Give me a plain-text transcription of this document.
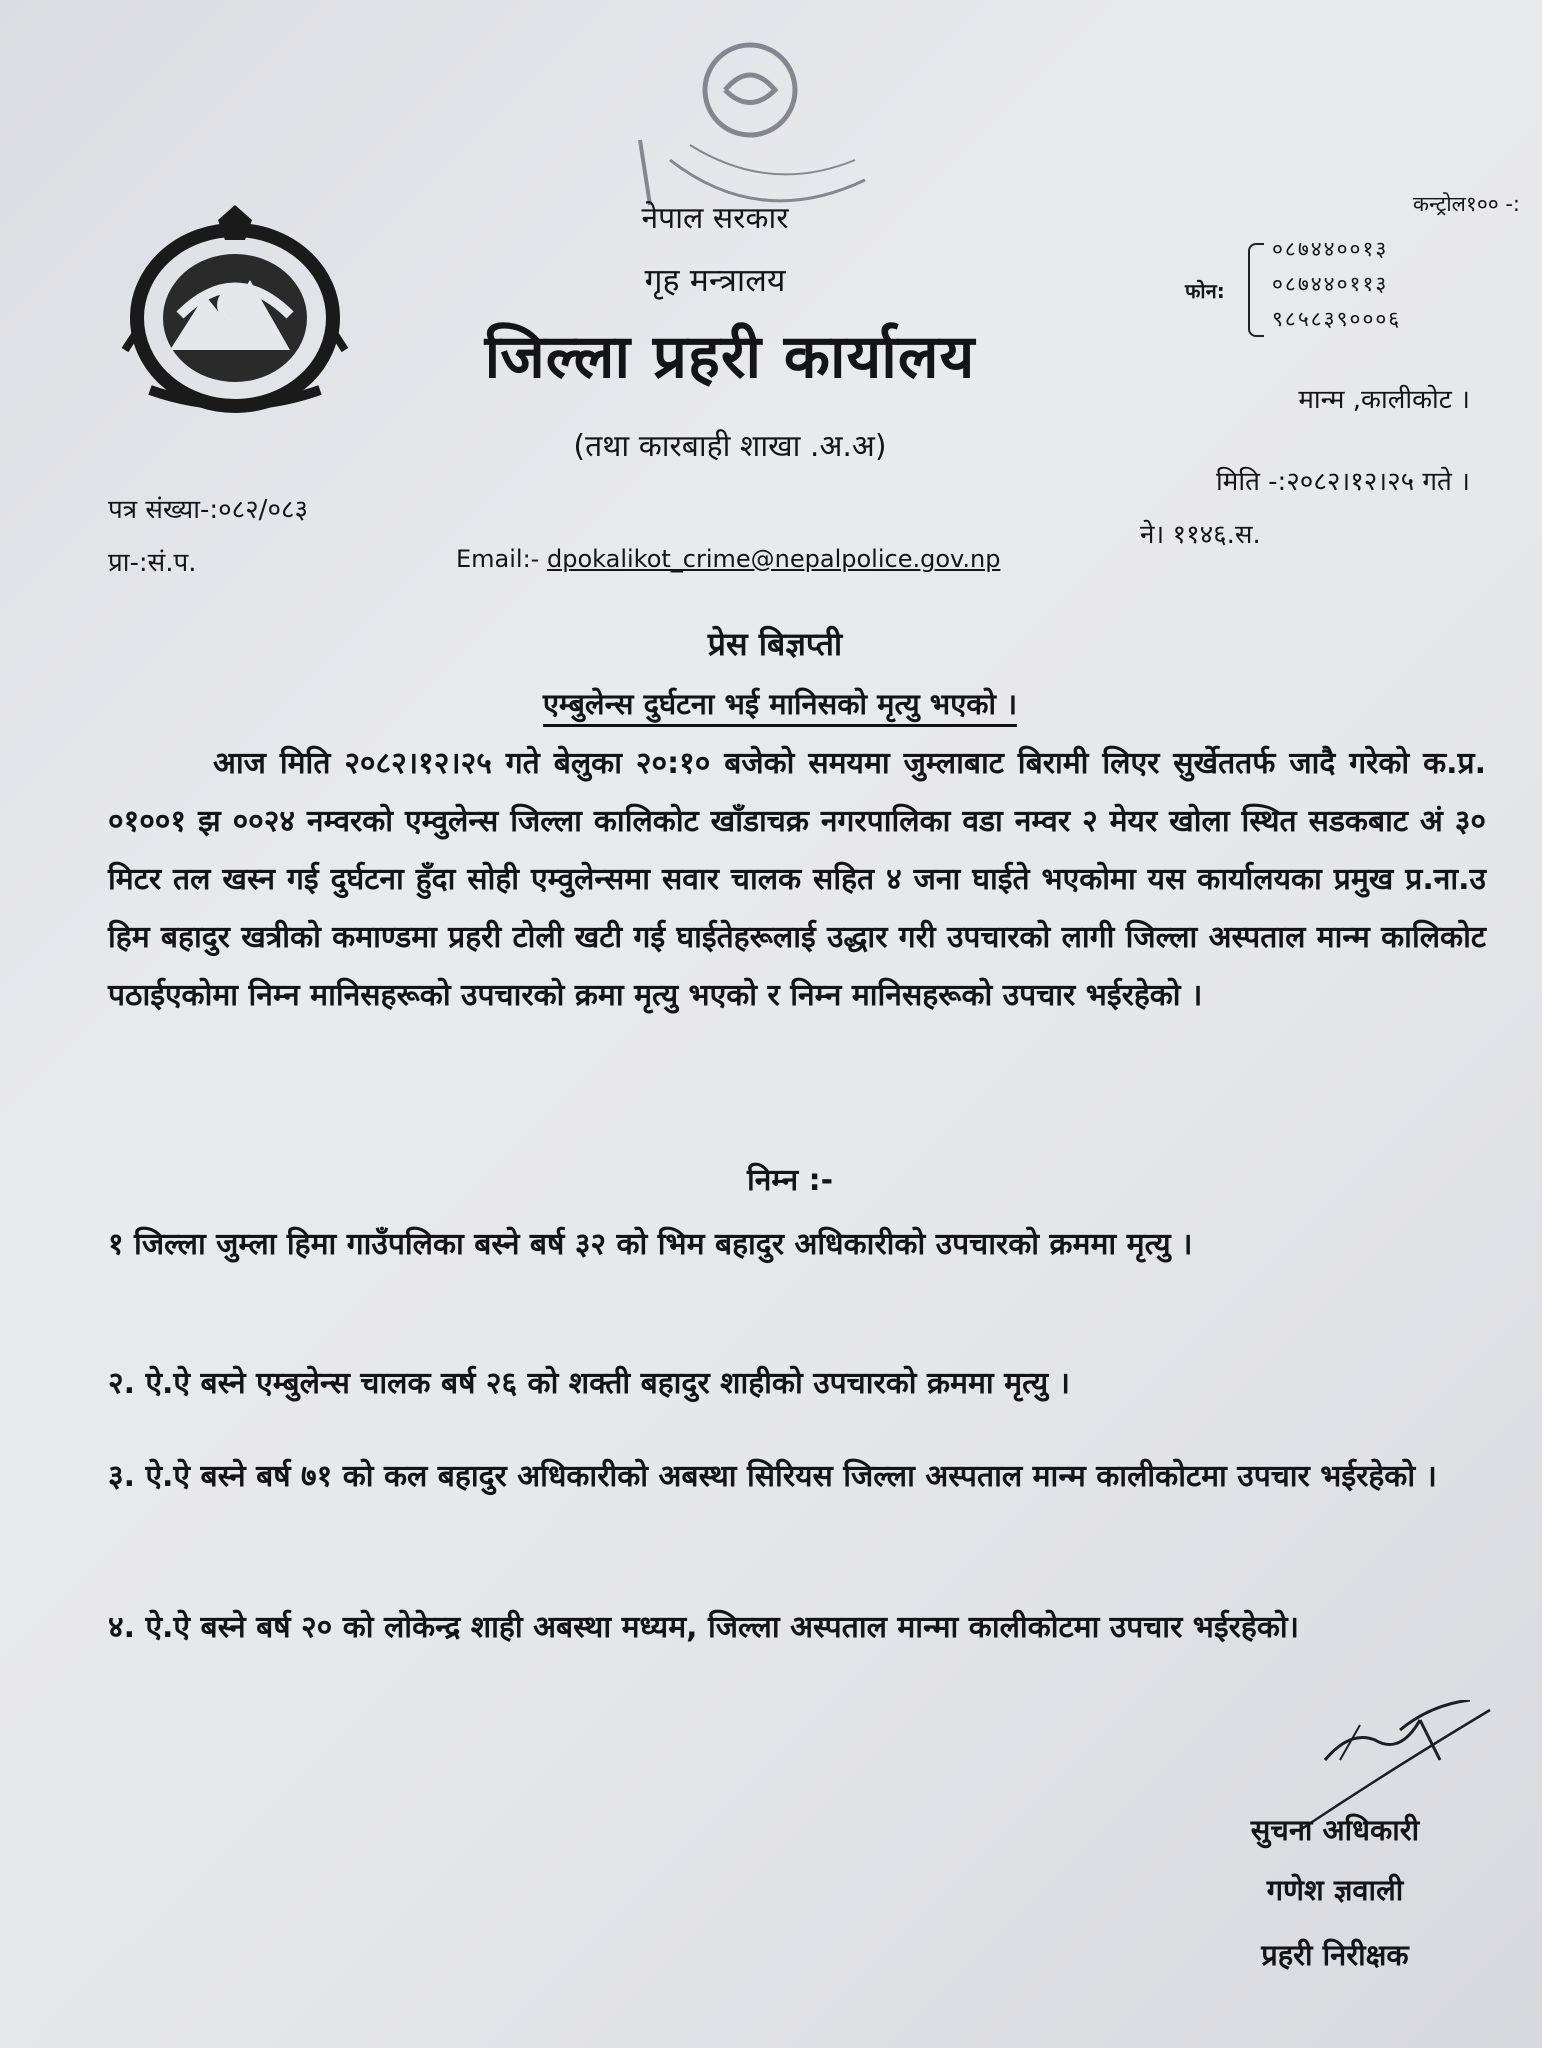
नेपाल सरकार

गृह मन्त्रालय

जिल्ला प्रहरी कार्यालय

(तथा कारबाही शाखा .अ.अ)

कन्ट्रोल१०० -:

फोन:

०८७४४००१३
०८७४४०११३
९८५८३९०००६

मान्म ,कालीकोट ।

मिति -:२०८२।१२।२५ गते ।

ने। ११४६.स.

पत्र संख्या-:०८२/०८३

प्रा-:सं.प.	Email:- dpokalikot_crime@nepalpolice.gov.np

प्रेस बिज्ञप्ती

एम्बुलेन्स दुर्घटना भई मानिसको मृत्यु भएको ।

आज मिति २०८२।१२।२५ गते बेलुका २०:१० बजेको समयमा जुम्लाबाट बिरामी लिएर सुर्खेततर्फ जादै गरेको क.प्र. ०१००१ झ ००२४ नम्वरको एम्वुलेन्स जिल्ला कालिकोट खाँडाचक्र नगरपालिका वडा नम्वर २ मेयर खोला स्थित सडकबाट अं ३० मिटर तल खस्न गई दुर्घटना हुँदा सोही एम्वुलेन्समा सवार चालक सहित ४ जना घाईते भएकोमा यस कार्यालयका प्रमुख प्र.ना.उ हिम बहादुर खत्रीको कमाण्डमा प्रहरी टोली खटी गई घाईतेहरूलाई उद्धार गरी उपचारको लागी जिल्ला अस्पताल मान्म कालिकोट पठाईएकोमा निम्न मानिसहरूको उपचारको क्रमा मृत्यु भएको र निम्न मानिसहरूको उपचार भईरहेको ।

निम्न :-

१ जिल्ला जुम्ला हिमा गाउँपलिका बस्ने बर्ष ३२ को भिम बहादुर अधिकारीको उपचारको क्रममा मृत्यु ।

२. ऐ.ऐ बस्ने एम्बुलेन्स चालक बर्ष २६ को शक्ती बहादुर शाहीको उपचारको क्रममा मृत्यु ।

३. ऐ.ऐ बस्ने बर्ष ७१ को कल बहादुर अधिकारीको अबस्था सिरियस जिल्ला अस्पताल मान्म कालीकोटमा उपचार भईरहेको ।

४. ऐ.ऐ बस्ने बर्ष २० को लोकेन्द्र शाही अबस्था मध्यम, जिल्ला अस्पताल मान्मा कालीकोटमा उपचार भईरहेको।

सुचना अधिकारी

गणेश ज्ञवाली

प्रहरी निरीक्षक
